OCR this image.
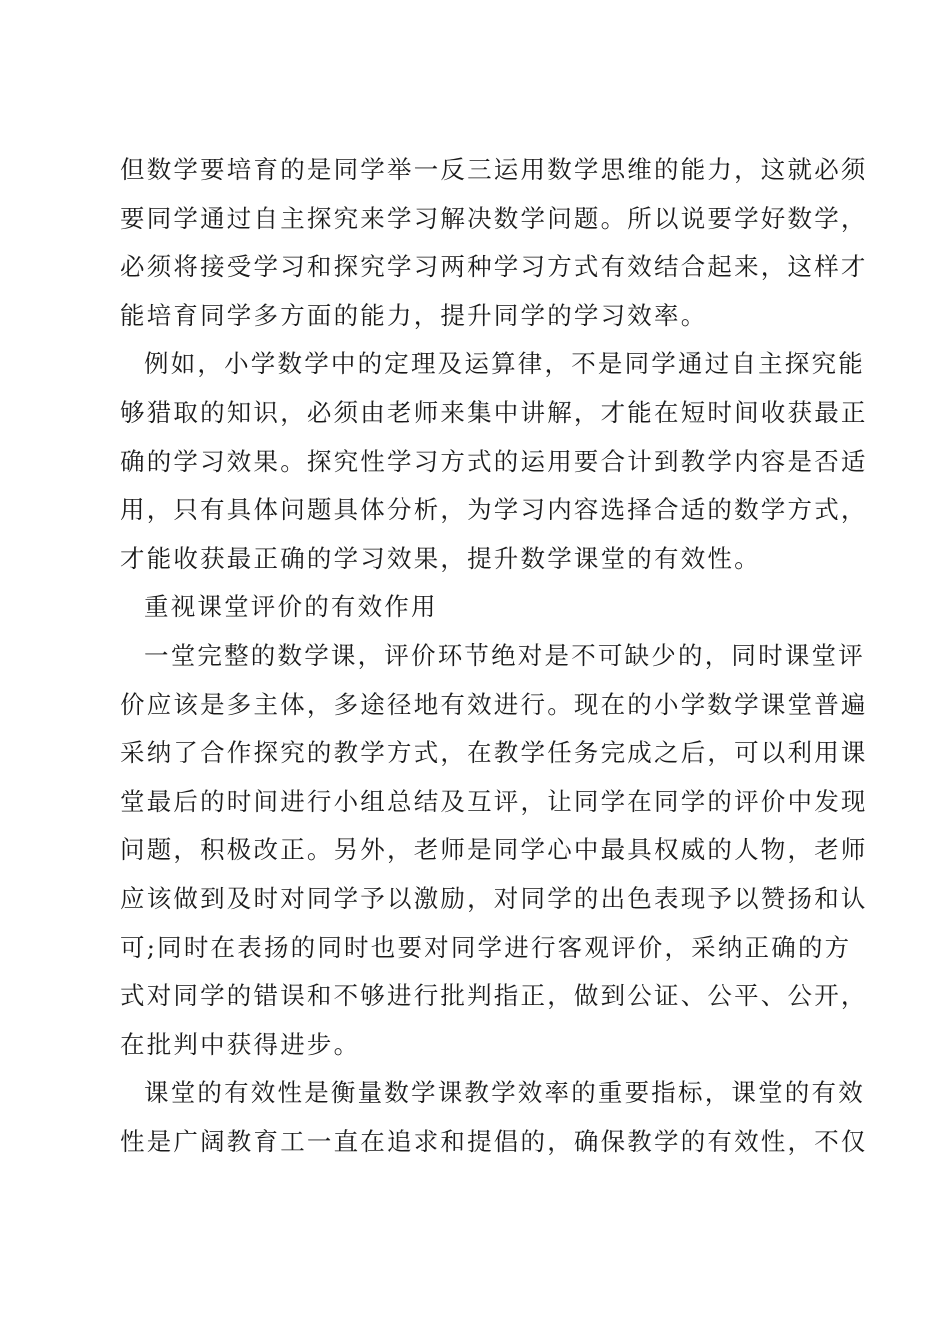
但数学要培育的是同学举一反三运用数学思维的能力，这就必须
要同学通过自主探究来学习解决数学问题。所以说要学好数学，
必须将接受学习和探究学习两种学习方式有效结合起来，这样才
能培育同学多方面的能力，提升同学的学习效率。
例如，小学数学中的定理及运算律，不是同学通过自主探究能
够猎取的知识，必须由老师来集中讲解，才能在短时间收获最正
确的学习效果。探究性学习方式的运用要合计到教学内容是否适
用，只有具体问题具体分析，为学习内容选择合适的数学方式，
才能收获最正确的学习效果，提升数学课堂的有效性。
重视课堂评价的有效作用
一堂完整的数学课，评价环节绝对是不可缺少的，同时课堂评
价应该是多主体，多途径地有效进行。现在的小学数学课堂普遍
采纳了合作探究的教学方式，在教学任务完成之后，可以利用课
堂最后的时间进行小组总结及互评，让同学在同学的评价中发现
问题，积极改正。另外，老师是同学心中最具权威的人物，老师
应该做到及时对同学予以激励，对同学的出色表现予以赞扬和认
可;同时在表扬的同时也要对同学进行客观评价，采纳正确的方
式对同学的错误和不够进行批判指正，做到公证、公平、公开，
在批判中获得进步。
课堂的有效性是衡量数学课教学效率的重要指标，课堂的有效
性是广阔教育工一直在追求和提倡的，确保教学的有效性，不仅
